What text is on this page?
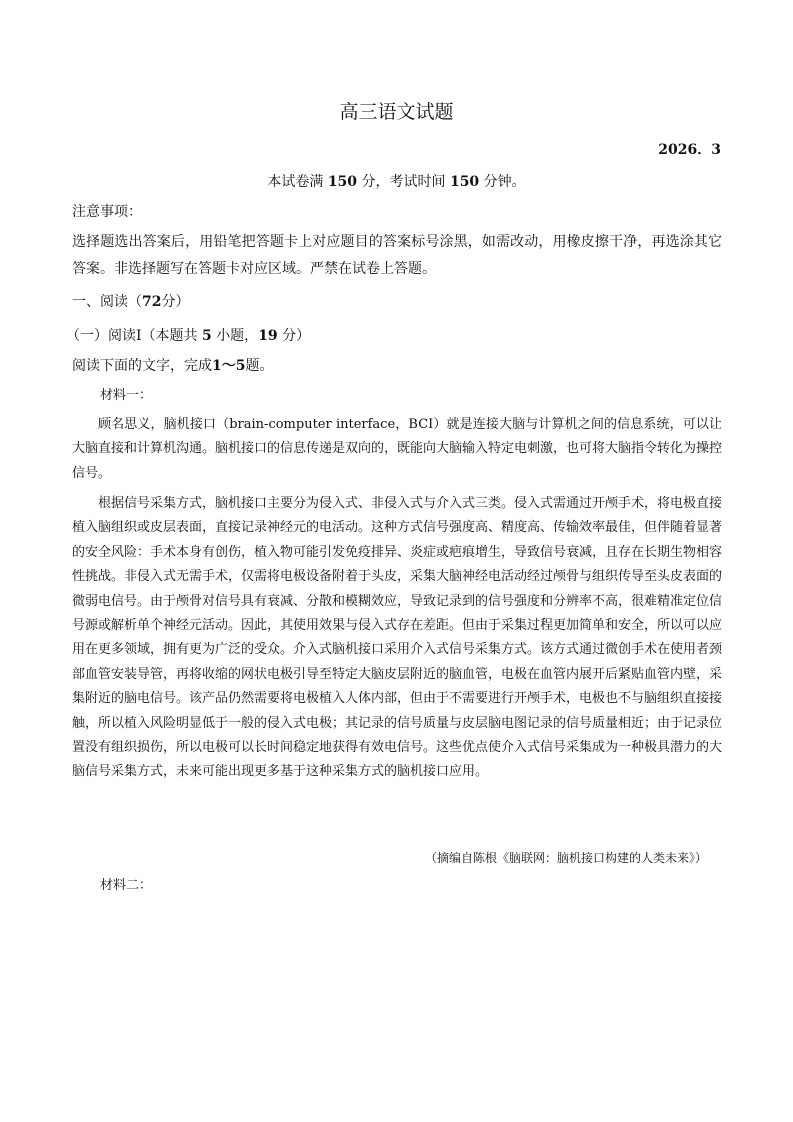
高三语文试题
2026．3
本试卷满 150 分，考试时间 150 分钟。
注意事项：
选择题选出答案后，用铅笔把答题卡上对应题目的答案标号涂黑，如需改动，用橡皮擦干净，再选涂其它答案。非选择题写在答题卡对应区域。严禁在试卷上答题。
一、阅读（72分）
（一）阅读Ⅰ（本题共 5 小题，19 分）
阅读下面的文字，完成1～5题。
材料一：
顾名思义，脑机接口（brain-computer interface，BCI）就是连接大脑与计算机之间的信息系统，可以让大脑直接和计算机沟通。脑机接口的信息传递是双向的，既能向大脑输入特定电刺激，也可将大脑指令转化为操控信号。
根据信号采集方式，脑机接口主要分为侵入式、非侵入式与介入式三类。侵入式需通过开颅手术，将电极直接植入脑组织或皮层表面，直接记录神经元的电活动。这种方式信号强度高、精度高、传输效率最佳，但伴随着显著的安全风险：手术本身有创伤，植入物可能引发免疫排异、炎症或疤痕增生，导致信号衰减，且存在长期生物相容性挑战。非侵入式无需手术，仅需将电极设备附着于头皮，采集大脑神经电活动经过颅骨与组织传导至头皮表面的微弱电信号。由于颅骨对信号具有衰减、分散和模糊效应，导致记录到的信号强度和分辨率不高，很难精准定位信号源或解析单个神经元活动。因此，其使用效果与侵入式存在差距。但由于采集过程更加简单和安全，所以可以应用在更多领域，拥有更为广泛的受众。介入式脑机接口采用介入式信号采集方式。该方式通过微创手术在使用者颈部血管安装导管，再将收缩的网状电极引导至特定大脑皮层附近的脑血管，电极在血管内展开后紧贴血管内壁，采集附近的脑电信号。该产品仍然需要将电极植入人体内部，但由于不需要进行开颅手术，电极也不与脑组织直接接触，所以植入风险明显低于一般的侵入式电极；其记录的信号质量与皮层脑电图记录的信号质量相近；由于记录位置没有组织损伤，所以电极可以长时间稳定地获得有效电信号。这些优点使介入式信号采集成为一种极具潜力的大脑信号采集方式，未来可能出现更多基于这种采集方式的脑机接口应用。
（摘编自陈根《脑联网：脑机接口构建的人类未来》）
材料二：
